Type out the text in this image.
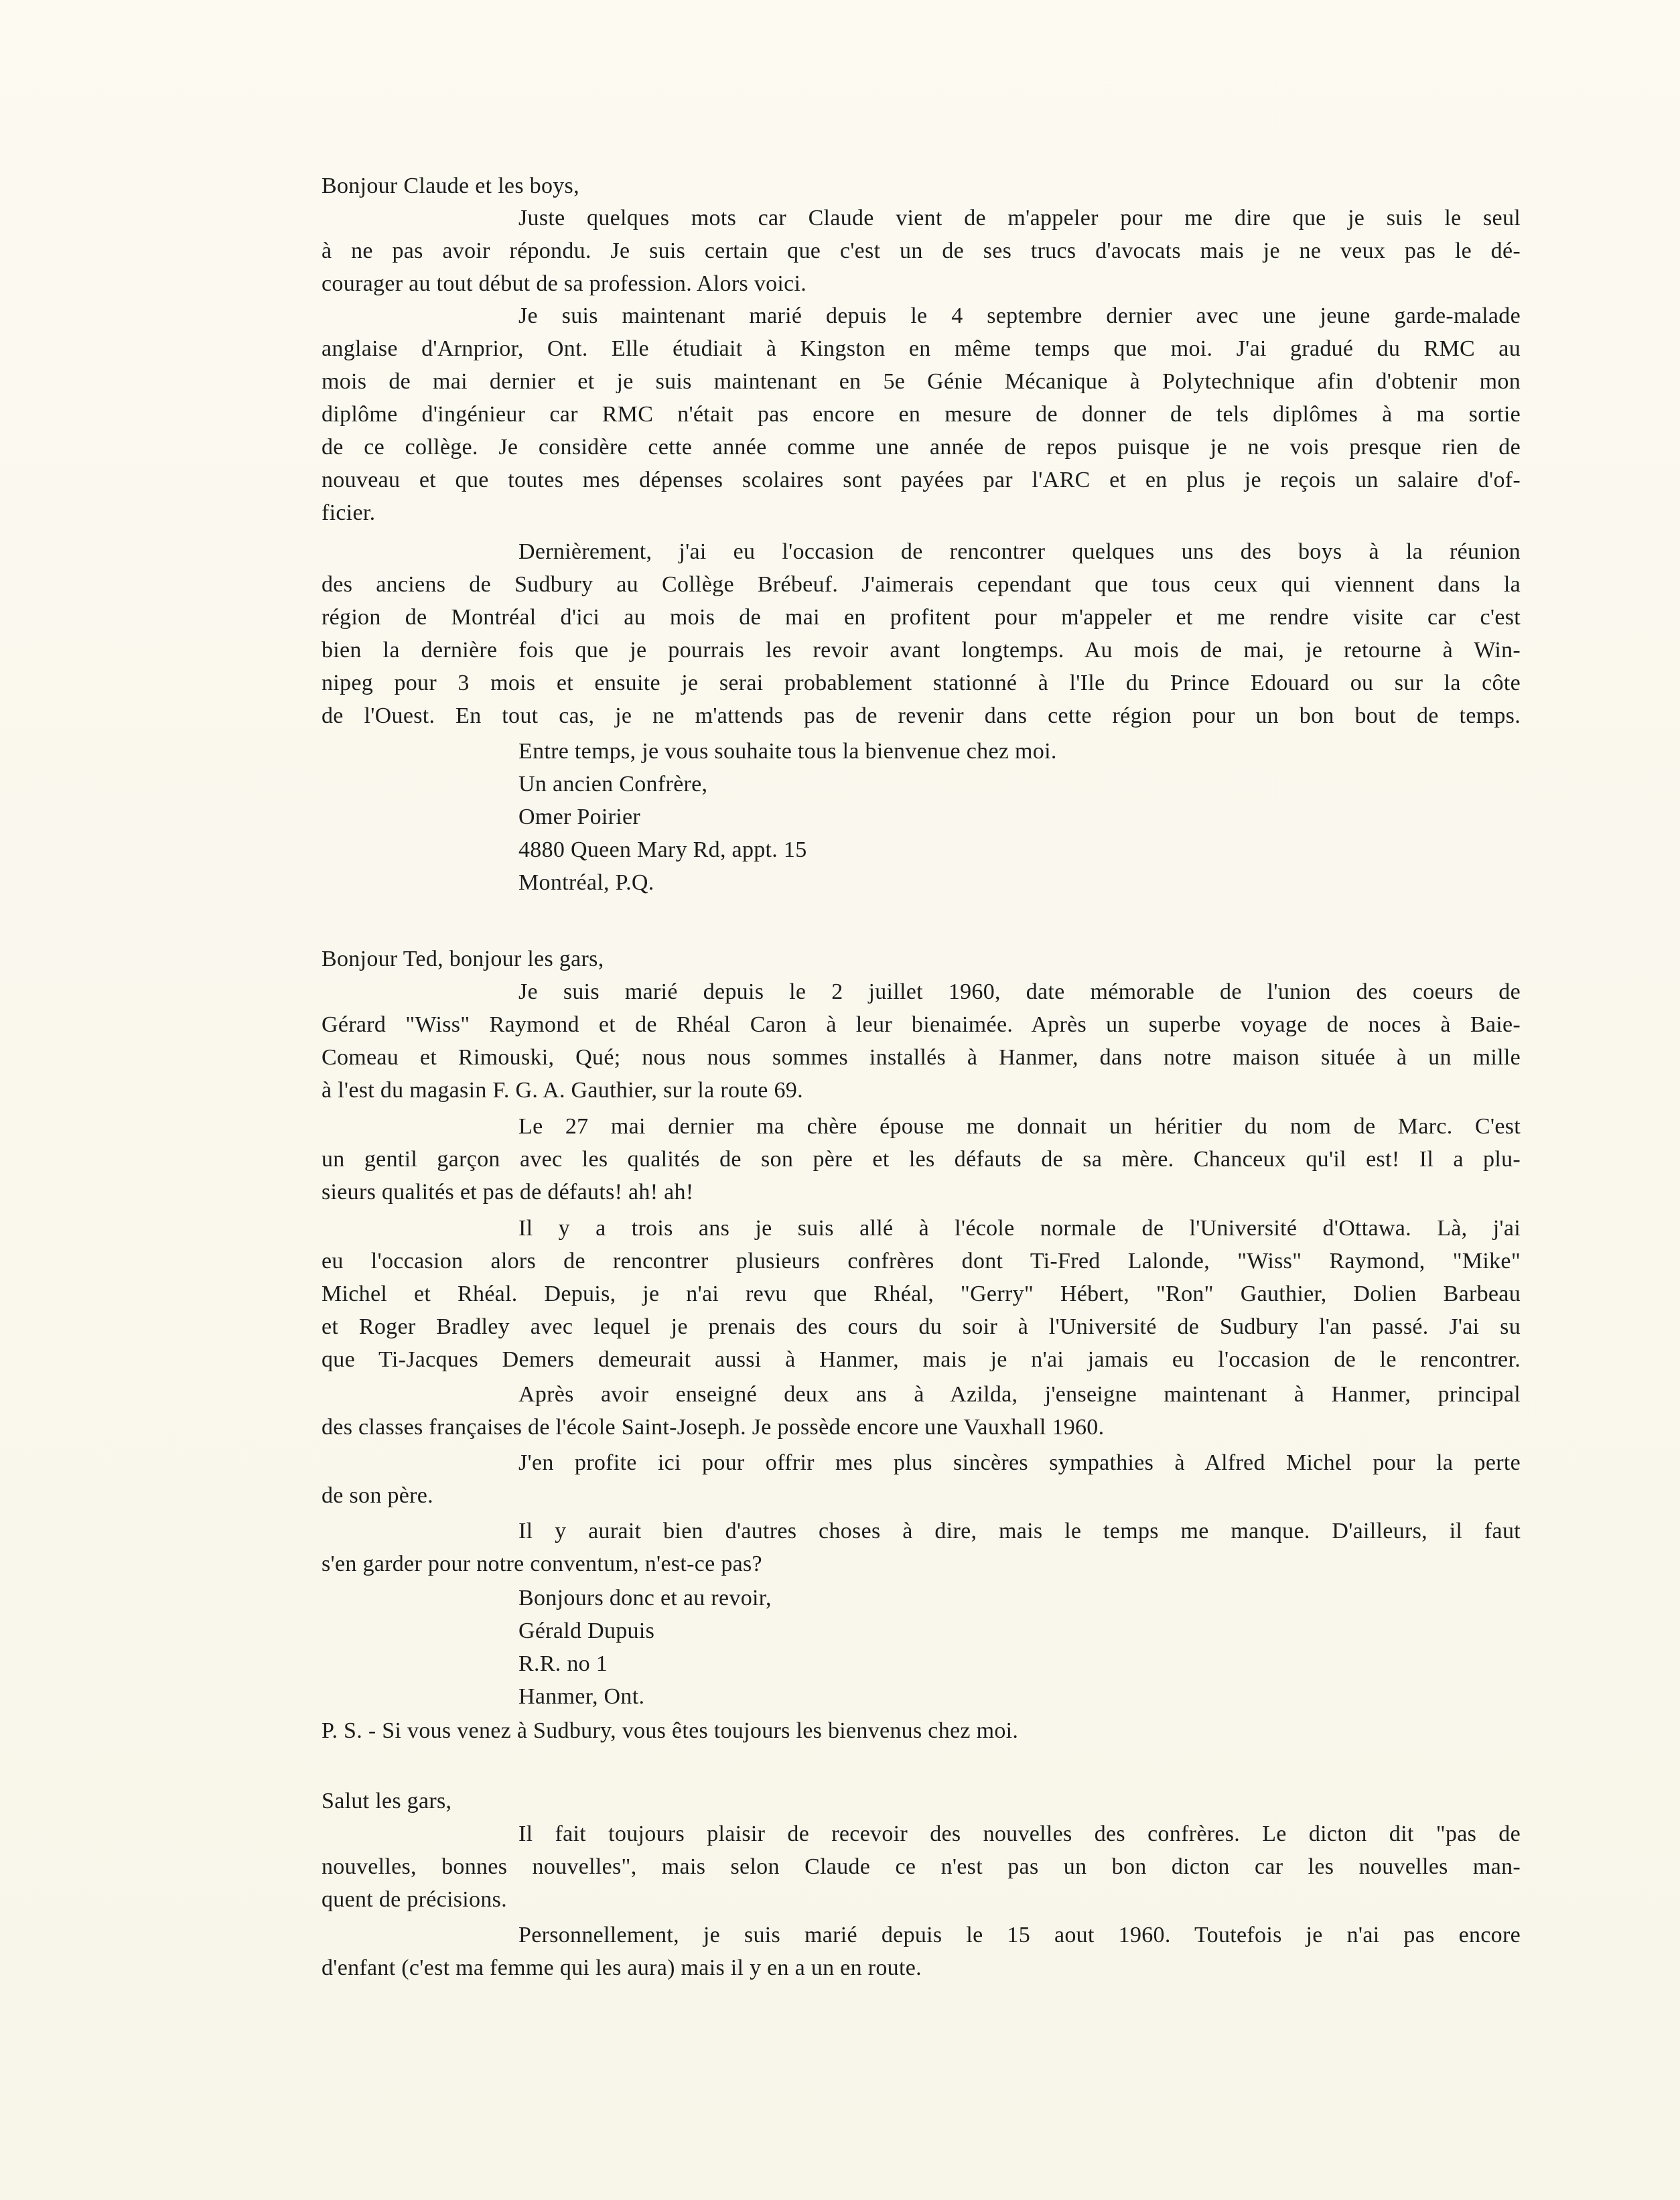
Bonjour Claude et les boys,
Juste quelques mots car Claude vient de m'appeler pour me dire que je suis le seul
à ne pas avoir répondu. Je suis certain que c'est un de ses trucs d'avocats mais je ne veux pas le dé-
courager au tout début de sa profession. Alors voici.
Je suis maintenant marié depuis le 4 septembre dernier avec une jeune garde-malade
anglaise d'Arnprior, Ont. Elle étudiait à Kingston en même temps que moi. J'ai gradué du RMC au
mois de mai dernier et je suis maintenant en 5e Génie Mécanique à Polytechnique afin d'obtenir mon
diplôme d'ingénieur car RMC n'était pas encore en mesure de donner de tels diplômes à ma sortie
de ce collège. Je considère cette année comme une année de repos puisque je ne vois presque rien de
nouveau et que toutes mes dépenses scolaires sont payées par l'ARC et en plus je reçois un salaire d'of-
ficier.
Dernièrement, j'ai eu l'occasion de rencontrer quelques uns des boys à la réunion
des anciens de Sudbury au Collège Brébeuf. J'aimerais cependant que tous ceux qui viennent dans la
région de Montréal d'ici au mois de mai en profitent pour m'appeler et me rendre visite car c'est
bien la dernière fois que je pourrais les revoir avant longtemps. Au mois de mai, je retourne à Win-
nipeg pour 3 mois et ensuite je serai probablement stationné à l'Ile du Prince Edouard ou sur la côte
de l'Ouest. En tout cas, je ne m'attends pas de revenir dans cette région pour un bon bout de temps.
Entre temps, je vous souhaite tous la bienvenue chez moi.
Un ancien Confrère,
Omer Poirier
4880 Queen Mary Rd, appt. 15
Montréal, P.Q.
Bonjour Ted, bonjour les gars,
Je suis marié depuis le 2 juillet 1960, date mémorable de l'union des coeurs de
Gérard "Wiss" Raymond et de Rhéal Caron à leur bienaimée. Après un superbe voyage de noces à Baie-
Comeau et Rimouski, Qué; nous nous sommes installés à Hanmer, dans notre maison située à un mille
à l'est du magasin F. G. A. Gauthier, sur la route 69.
Le 27 mai dernier ma chère épouse me donnait un héritier du nom de Marc. C'est
un gentil garçon avec les qualités de son père et les défauts de sa mère. Chanceux qu'il est! Il a plu-
sieurs qualités et pas de défauts! ah! ah!
Il y a trois ans je suis allé à l'école normale de l'Université d'Ottawa. Là, j'ai
eu l'occasion alors de rencontrer plusieurs confrères dont Ti-Fred Lalonde, "Wiss" Raymond, "Mike"
Michel et Rhéal. Depuis, je n'ai revu que Rhéal, "Gerry" Hébert, "Ron" Gauthier, Dolien Barbeau
et Roger Bradley avec lequel je prenais des cours du soir à l'Université de Sudbury l'an passé. J'ai su
que Ti-Jacques Demers demeurait aussi à Hanmer, mais je n'ai jamais eu l'occasion de le rencontrer.
Après avoir enseigné deux ans à Azilda, j'enseigne maintenant à Hanmer, principal
des classes françaises de l'école Saint-Joseph. Je possède encore une Vauxhall 1960.
J'en profite ici pour offrir mes plus sincères sympathies à Alfred Michel pour la perte
de son père.
Il y aurait bien d'autres choses à dire, mais le temps me manque. D'ailleurs, il faut
s'en garder pour notre conventum, n'est-ce pas?
Bonjours donc et au revoir,
Gérald Dupuis
R.R. no 1
Hanmer, Ont.
P. S. - Si vous venez à Sudbury, vous êtes toujours les bienvenus chez moi.
Salut les gars,
Il fait toujours plaisir de recevoir des nouvelles des confrères. Le dicton dit "pas de
nouvelles, bonnes nouvelles", mais selon Claude ce n'est pas un bon dicton car les nouvelles man-
quent de précisions.
Personnellement, je suis marié depuis le 15 aout 1960. Toutefois je n'ai pas encore
d'enfant (c'est ma femme qui les aura) mais il y en a un en route.
